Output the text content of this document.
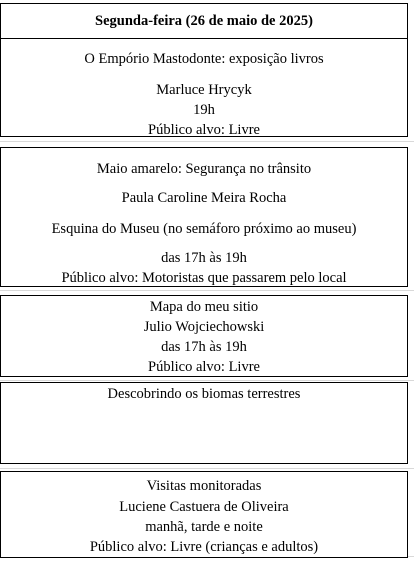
Segunda-feira (26 de maio de 2025)
O Empório Mastodonte: exposição livros
Marluce Hrycyk
19h
Público alvo: Livre
Maio amarelo: Segurança no trânsito
Paula Caroline Meira Rocha
Esquina do Museu (no semáforo próximo ao museu)
das 17h às 19h
Público alvo: Motoristas que passarem pelo local
Mapa do meu sitio
Julio Wojciechowski
das 17h às 19h
Público alvo: Livre
Descobrindo os biomas terrestres
Visitas monitoradas
Luciene Castuera de Oliveira
manhã, tarde e noite
Público alvo: Livre (crianças e adultos)
